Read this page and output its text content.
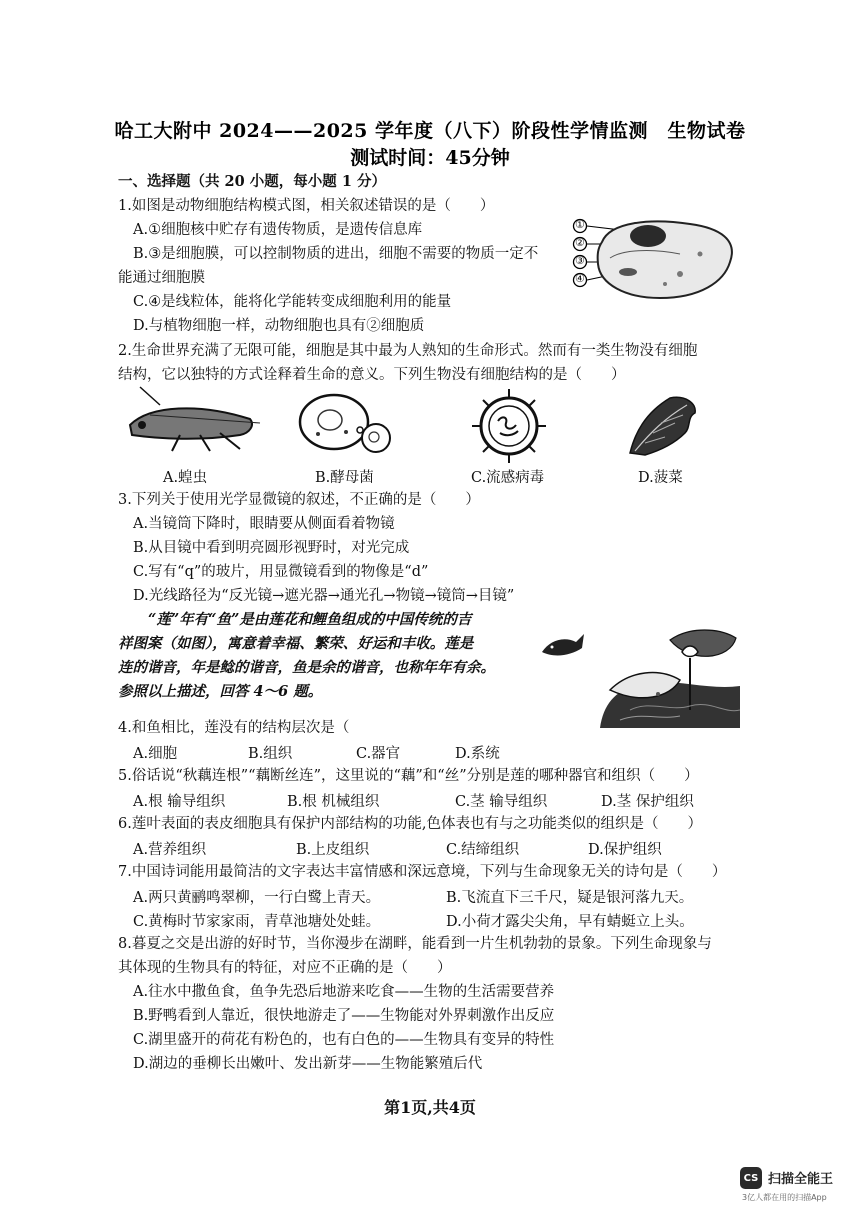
哈工大附中 2024——2025 学年度（八下）阶段性学情监测　生物试卷
测试时间：45分钟
一、选择题（共 20 小题，每小题 1 分）
1.如图是动物细胞结构模式图，相关叙述错误的是（　　）
A.①细胞核中贮存有遗传物质，是遗传信息库
B.③是细胞膜，可以控制物质的进出，细胞不需要的物质一定不
能通过细胞膜
C.④是线粒体，能将化学能转变成细胞利用的能量
D.与植物细胞一样，动物细胞也具有②细胞质
①
②
③
④
2.生命世界充满了无限可能，细胞是其中最为人熟知的生命形式。然而有一类生物没有细胞
结构，它以独特的方式诠释着生命的意义。下列生物没有细胞结构的是（　　）
A.蝗虫	B.酵母菌	C.流感病毒	D.菠菜
3.下列关于使用光学显微镜的叙述，不正确的是（　　）
A.当镜筒下降时，眼睛要从侧面看着物镜
B.从目镜中看到明亮圆形视野时，对光完成
C.写有“q”的玻片，用显微镜看到的物像是“d”
D.光线路径为“反光镜→遮光器→通光孔→物镜→镜筒→目镜”
“莲”年有“鱼”是由莲花和鲤鱼组成的中国传统的吉
祥图案（如图），寓意着幸福、繁荣、好运和丰收。莲是
连的谐音，年是鲶的谐音，鱼是余的谐音，也称年年有余。
参照以上描述，回答 4～6 题。
4.和鱼相比，莲没有的结构层次是（
A.细胞	B.组织	C.器官	D.系统
5.俗话说“秋藕连根”“藕断丝连”，这里说的“藕”和“丝”分别是莲的哪种器官和组织（　　）
A.根 输导组织	B.根 机械组织	C.茎 输导组织	D.茎 保护组织
6.莲叶表面的表皮细胞具有保护内部结构的功能,色体表也有与之功能类似的组织是（　　）
A.营养组织	B.上皮组织	C.结缔组织	D.保护组织
7.中国诗词能用最简洁的文字表达丰富情感和深远意境，下列与生命现象无关的诗句是（　　）
A.两只黄鹂鸣翠柳，一行白鹭上青天。	B.飞流直下三千尺，疑是银河落九天。
C.黄梅时节家家雨，青草池塘处处蛙。	D.小荷才露尖尖角，早有蜻蜓立上头。
8.暮夏之交是出游的好时节，当你漫步在湖畔，能看到一片生机勃勃的景象。下列生命现象与
其体现的生物具有的特征，对应不正确的是（　　）
A.往水中撒鱼食，鱼争先恐后地游来吃食——生物的生活需要营养
B.野鸭看到人靠近，很快地游走了——生物能对外界刺激作出反应
C.湖里盛开的荷花有粉色的，也有白色的——生物具有变异的特性
D.湖边的垂柳长出嫩叶、发出新芽——生物能繁殖后代
第1页,共4页
CS 扫描全能王
3亿人都在用的扫描App
